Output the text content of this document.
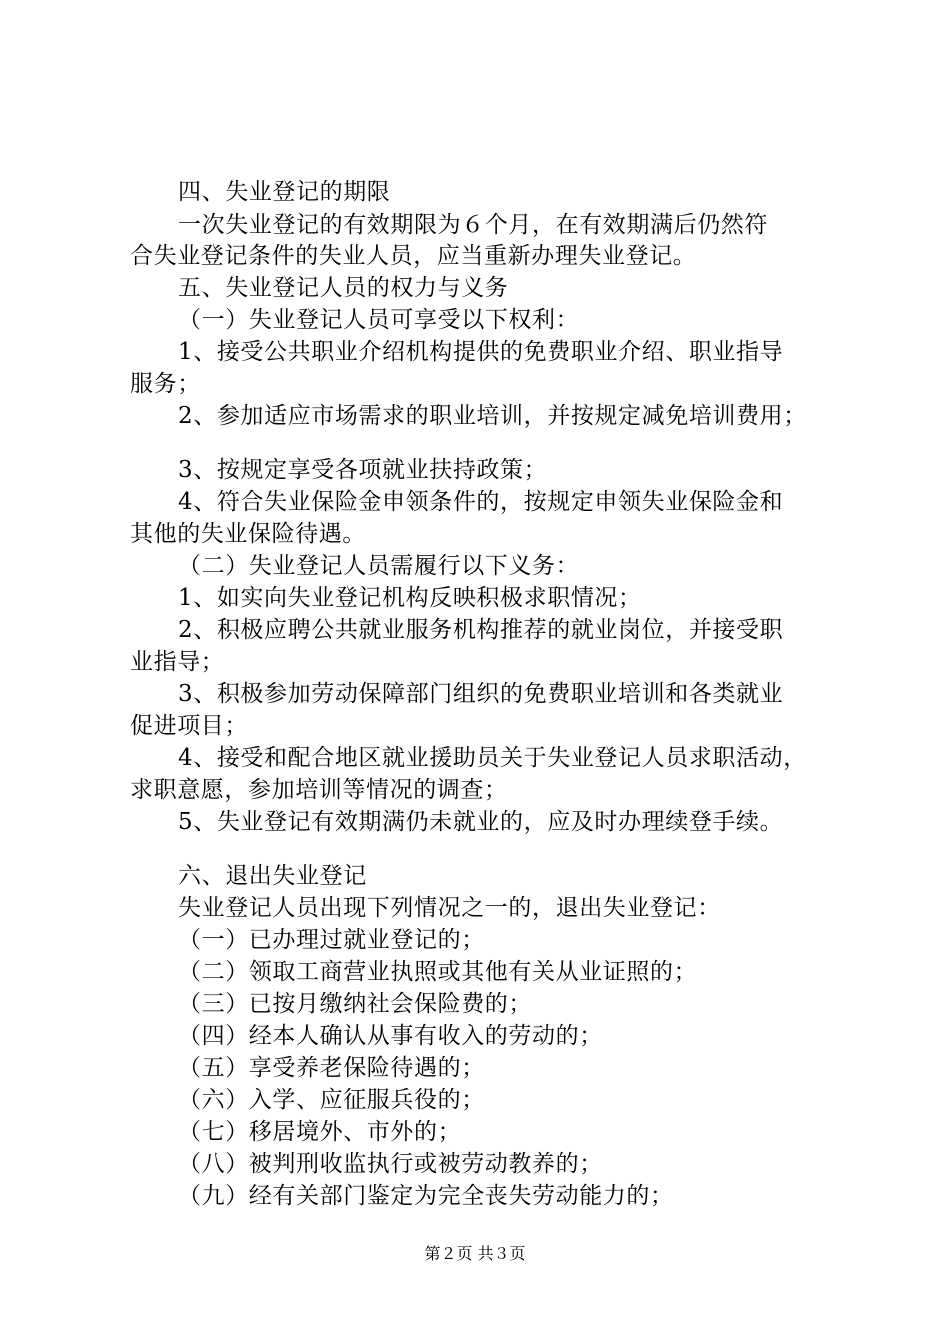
四、失业登记的期限
一次失业登记的有效期限为６个月，在有效期满后仍然符
合失业登记条件的失业人员，应当重新办理失业登记。
五、失业登记人员的权力与义务
（一）失业登记人员可享受以下权利：
1、接受公共职业介绍机构提供的免费职业介绍、职业指导
服务；
2、参加适应市场需求的职业培训，并按规定减免培训费用；
3、按规定享受各项就业扶持政策；
4、符合失业保险金申领条件的，按规定申领失业保险金和
其他的失业保险待遇。
（二）失业登记人员需履行以下义务：
1、如实向失业登记机构反映积极求职情况；
2、积极应聘公共就业服务机构推荐的就业岗位，并接受职
业指导；
3、积极参加劳动保障部门组织的免费职业培训和各类就业
促进项目；
4、接受和配合地区就业援助员关于失业登记人员求职活动，
求职意愿，参加培训等情况的调查；
5、失业登记有效期满仍未就业的，应及时办理续登手续。
六、退出失业登记
失业登记人员出现下列情况之一的，退出失业登记：
（一）已办理过就业登记的；
（二）领取工商营业执照或其他有关从业证照的；
（三）已按月缴纳社会保险费的；
（四）经本人确认从事有收入的劳动的；
（五）享受养老保险待遇的；
（六）入学、应征服兵役的；
（七）移居境外、市外的；
（八）被判刑收监执行或被劳动教养的；
（九）经有关部门鉴定为完全丧失劳动能力的；
第２页 共３页
